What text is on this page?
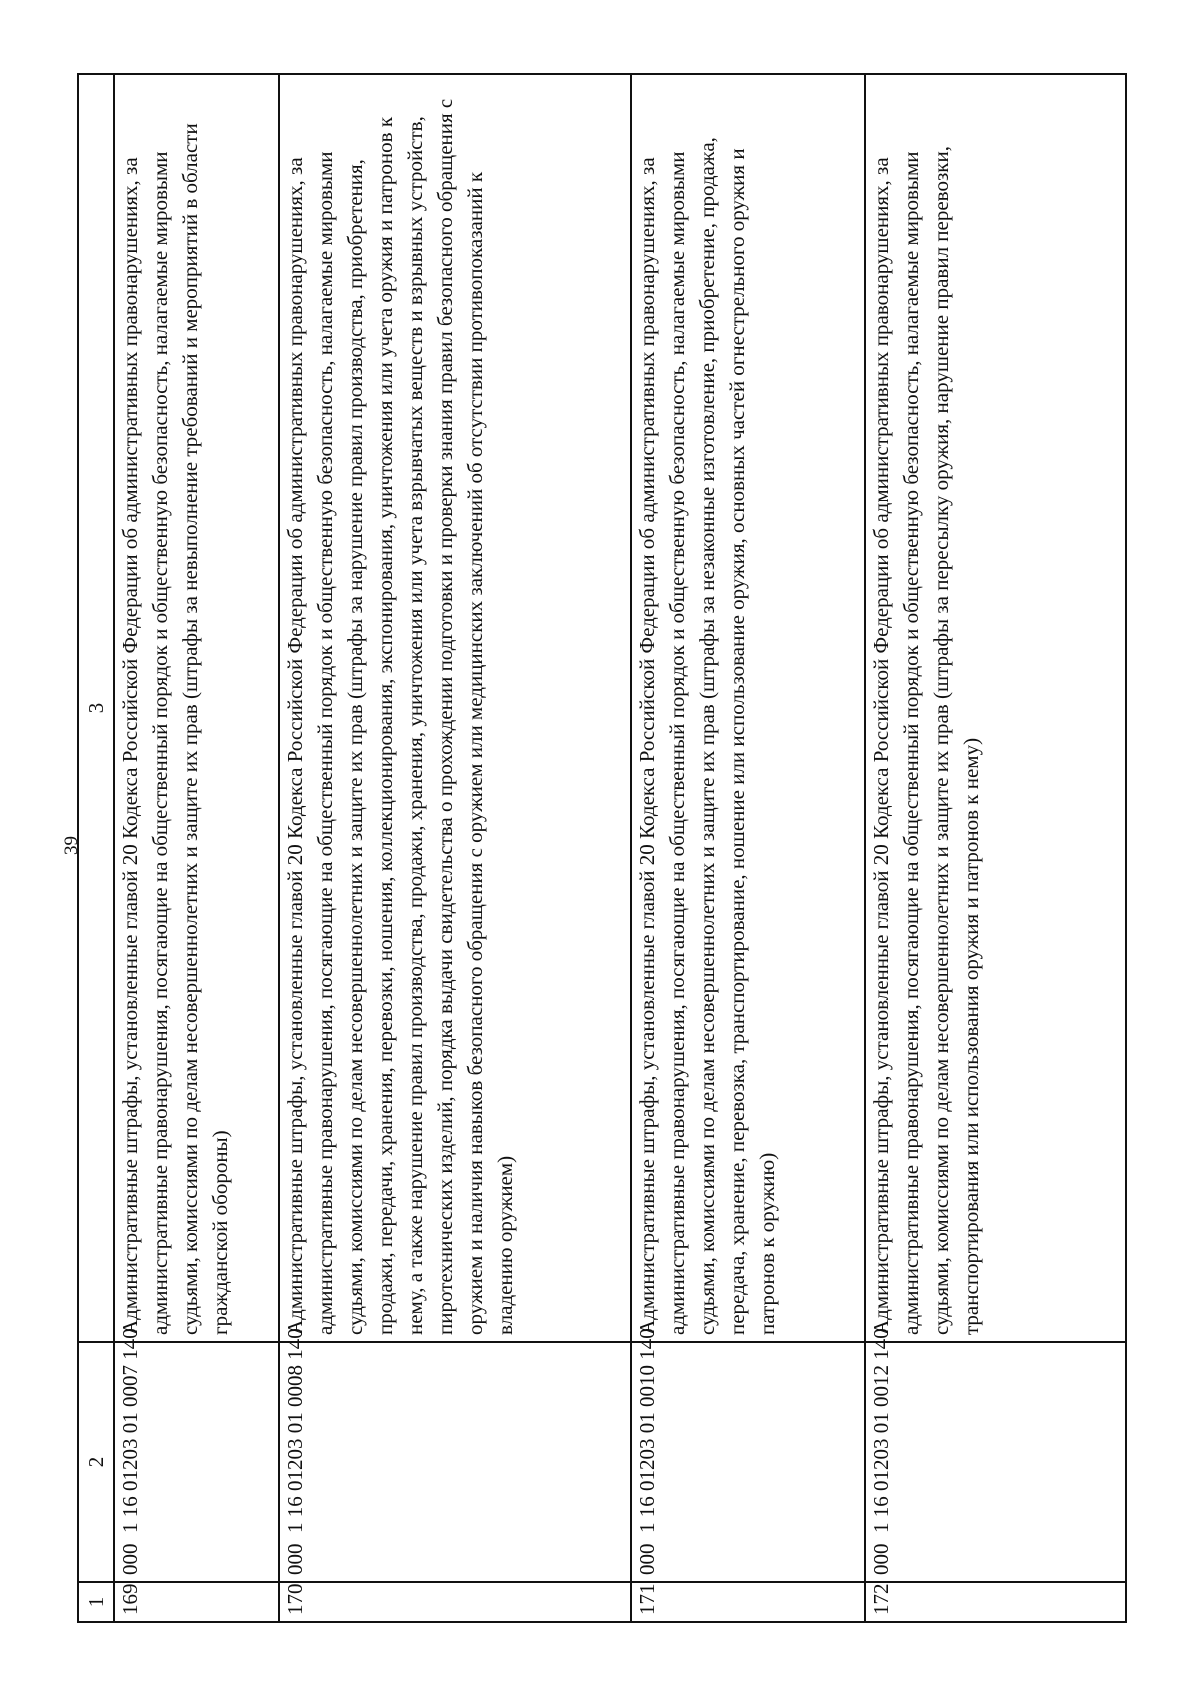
39
1	2	3
169	0001 16 01203 01 0007 140	Административные штрафы, установленные главой 20 Кодекса Российской Федерации об административных правонарушениях, за административные правонарушения, посягающие на общественный порядок и общественную безопасность, налагаемые мировыми судьями, комиссиями по делам несовершеннолетних и защите их прав (штрафы за невыполнение требований и мероприятий в области гражданской обороны)
170	0001 16 01203 01 0008 140	Административные штрафы, установленные главой 20 Кодекса Российской Федерации об административных правонарушениях, за административные правонарушения, посягающие на общественный порядок и общественную безопасность, налагаемые мировыми судьями, комиссиями по делам несовершеннолетних и защите их прав (штрафы за нарушение правил производства, приобретения, продажи, передачи, хранения, перевозки, ношения, коллекционирования, экспонирования, уничтожения или учета оружия и патронов к нему, а также нарушение правил производства, продажи, хранения, уничтожения или учета взрывчатых веществ и взрывных устройств, пиротехнических изделий, порядка выдачи свидетельства о прохождении подготовки и проверки знания правил безопасного обращения с оружием и наличия навыков безопасного обращения с оружием или медицинских заключений об отсутствии противопоказаний к владению оружием)
171	0001 16 01203 01 0010 140	Административные штрафы, установленные главой 20 Кодекса Российской Федерации об административных правонарушениях, за административные правонарушения, посягающие на общественный порядок и общественную безопасность, налагаемые мировыми судьями, комиссиями по делам несовершеннолетних и защите их прав (штрафы за незаконные изготовление, приобретение, продажа, передача, хранение, перевозка, транспортирование, ношение или использование оружия, основных частей огнестрельного оружия и патронов к оружию)
172	0001 16 01203 01 0012 140	Административные штрафы, установленные главой 20 Кодекса Российской Федерации об административных правонарушениях, за административные правонарушения, посягающие на общественный порядок и общественную безопасность, налагаемые мировыми судьями, комиссиями по делам несовершеннолетних и защите их прав (штрафы за пересылку оружия, нарушение правил перевозки, транспортирования или использования оружия и патронов к нему)
